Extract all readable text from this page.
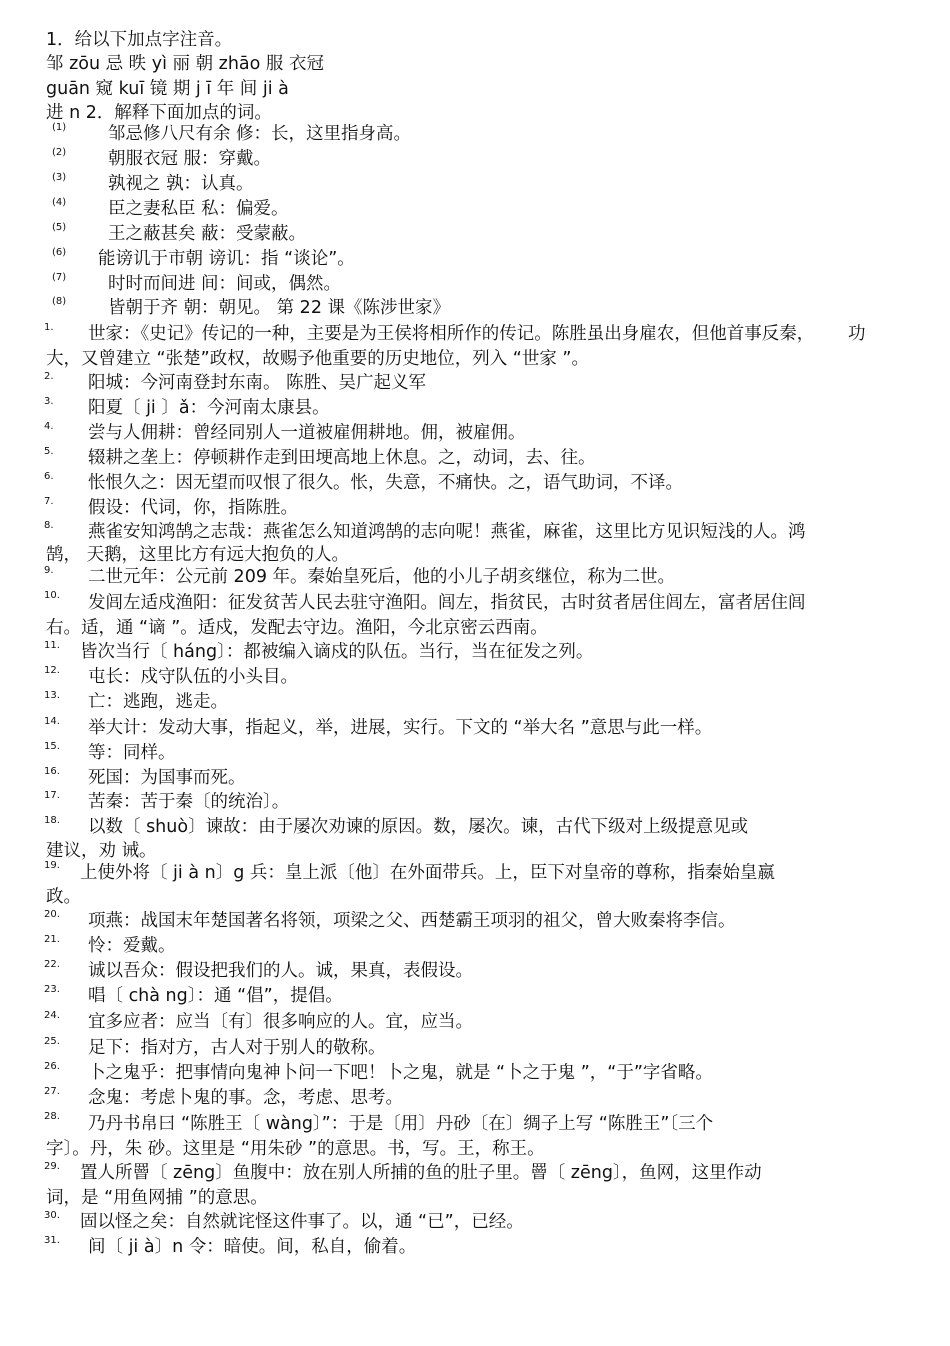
1．给以下加点字注音。
邹 zōu 忌 昳 yì 丽 朝 zhāo 服 衣冠
guān 窥 kuī 镜 期 j ī 年 间 ji à
进 n 2．解释下面加点的词。
(1) 邹忌修八尺有余 修：长，这里指身高。
(2) 朝服衣冠 服：穿戴。
(3) 孰视之 孰：认真。
(4) 臣之妻私臣 私：偏爱。
(5) 王之蔽甚矣 蔽：受蒙蔽。
(6) 能谤讥于市朝 谤讥：指 “谈论”。
(7) 时时而间进 间：间或，偶然。
(8) 皆朝于齐 朝：朝见。 第 22 课《陈涉世家》
1. 世家：《史记》传记的一种，主要是为王侯将相所作的传记。陈胜虽出身雇农，但他首事反秦， 功
大，又曾建立 “张楚”政权，故赐予他重要的历史地位，列入 “世家 ”。
2. 阳城：今河南登封东南。 陈胜、吴广起义军
3. 阳夏〔 ji 〕ǎ：今河南太康县。
4. 尝与人佣耕：曾经同别人一道被雇佣耕地。佣，被雇佣。
5. 辍耕之垄上：停顿耕作走到田埂高地上休息。之，动词，去、往。
6. 怅恨久之：因无望而叹恨了很久。怅，失意，不痛快。之，语气助词，不译。
7. 假设：代词，你，指陈胜。
8. 燕雀安知鸿鹄之志哉：燕雀怎么知道鸿鹄的志向呢！燕雀，麻雀，这里比方见识短浅的人。鸿
鹄， 天鹅，这里比方有远大抱负的人。
9. 二世元年：公元前 209 年。秦始皇死后，他的小儿子胡亥继位，称为二世。
10. 发闾左适戍渔阳：征发贫苦人民去驻守渔阳。闾左，指贫民，古时贫者居住闾左，富者居住闾
右。适，通 “谪 ”。适戍，发配去守边。渔阳，今北京密云西南。
11. 皆次当行〔 háng〕：都被编入谪戍的队伍。当行，当在征发之列。
12. 屯长：戍守队伍的小头目。
13. 亡：逃跑，逃走。
14. 举大计：发动大事，指起义，举，进展，实行。下文的 “举大名 ”意思与此一样。
15. 等：同样。
16. 死国：为国事而死。
17. 苦秦：苦于秦〔的统治〕。
18. 以数〔 shuò〕谏故：由于屡次劝谏的原因。数，屡次。谏，古代下级对上级提意见或
建议，劝 诫。
19. 上使外将〔 ji à n〕g 兵：皇上派〔他〕在外面带兵。上，臣下对皇帝的尊称，指秦始皇嬴
政。
20. 项燕：战国末年楚国著名将领，项梁之父、西楚霸王项羽的祖父，曾大败秦将李信。
21. 怜：爱戴。
22. 诚以吾众：假设把我们的人。诚，果真，表假设。
23. 唱〔 chà ng〕：通 “倡”，提倡。
24. 宜多应者：应当〔有〕很多响应的人。宜，应当。
25. 足下：指对方，古人对于别人的敬称。
26. 卜之鬼乎：把事情向鬼神卜问一下吧！卜之鬼，就是 “卜之于鬼 ”，“于”字省略。
27. 念鬼：考虑卜鬼的事。念，考虑、思考。
28. 乃丹书帛曰 “陈胜王〔 wàng〕”：于是〔用〕丹砂〔在〕绸子上写 “陈胜王”〔三个
字〕。丹，朱 砂。这里是 “用朱砂 ”的意思。书，写。王，称王。
29. 置人所罾〔 zēng〕鱼腹中：放在别人所捕的鱼的肚子里。罾〔 zēng〕，鱼网，这里作动
词，是 “用鱼网捕 ”的意思。
30. 固以怪之矣：自然就诧怪这件事了。以，通 “已”，已经。
31. 间〔 ji à〕n 令：暗使。间，私自，偷着。
